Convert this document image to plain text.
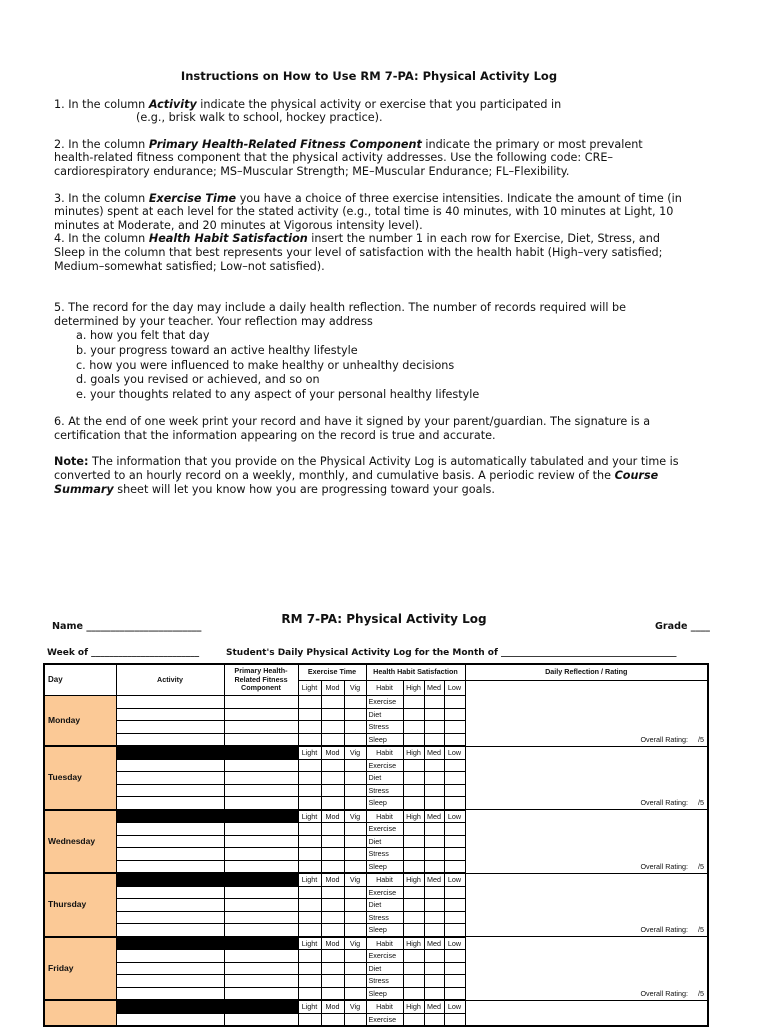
Instructions on How to Use RM 7-PA: Physical Activity Log

1. In the column Activity indicate the physical activity or exercise that you participated in

(e.g., brisk walk to school, hockey practice).

2. In the column Primary Health-Related Fitness Component indicate the primary or most prevalent health-related fitness component that the physical activity addresses. Use the following code: CRE–cardiorespiratory endurance; MS–Muscular Strength; ME–Muscular Endurance; FL–Flexibility.

3. In the column Exercise Time you have a choice of three exercise intensities. Indicate the amount of time (in minutes) spent at each level for the stated activity (e.g., total time is 40 minutes, with 10 minutes at Light, 10 minutes at Moderate, and 20 minutes at Vigorous intensity level).

4. In the column Health Habit Satisfaction insert the number 1 in each row for Exercise, Diet, Stress, and Sleep in the column that best represents your level of satisfaction with the health habit (High–very satisfied; Medium–somewhat satisfied; Low–not satisfied).

5. The record for the day may include a daily health reflection. The number of records required will be determined by your teacher. Your reflection may address

a. how you felt that day
b. your progress toward an active healthy lifestyle
c. how you were influenced to make healthy or unhealthy decisions
d. goals you revised or achieved, and so on
e. your thoughts related to any aspect of your personal healthy lifestyle

6. At the end of one week print your record and have it signed by your parent/guardian. The signature is a certification that the information appearing on the record is true and accurate.

Note: The information that you provide on the Physical Activity Log is automatically tabulated and your time is converted to an hourly record on a weekly, monthly, and cumulative basis. A periodic review of the Course Summary sheet will let you know how you are progressing toward your goals.

RM 7-PA: Physical Activity Log
Name ________________________	Grade ____
Week of ________________________	Student's Daily Physical Activity Log for the Month of _______________________________________
Day	Activity	Primary Health-Related Fitness Component	Exercise Time			Health Habit Satisfaction				Daily Reflection / Rating
			Light	Mod	Vig	Habit	High	Med	Low	
Monday						Exercise				
						Diet				
						Stress				
						Sleep				Overall Rating: /5
Tuesday			Light	Mod	Vig	Habit	High	Med	Low	
						Exercise				
						Diet				
						Stress				
						Sleep				Overall Rating: /5
Wednesday			Light	Mod	Vig	Habit	High	Med	Low	
						Exercise				
						Diet				
						Stress				
						Sleep				Overall Rating: /5
Thursday			Light	Mod	Vig	Habit	High	Med	Low	
						Exercise				
						Diet				
						Stress				
						Sleep				Overall Rating: /5
Friday			Light	Mod	Vig	Habit	High	Med	Low	
						Exercise				
						Diet				
						Stress				
						Sleep				Overall Rating: /5
			Light	Mod	Vig	Habit	High	Med	Low	
						Exercise				
